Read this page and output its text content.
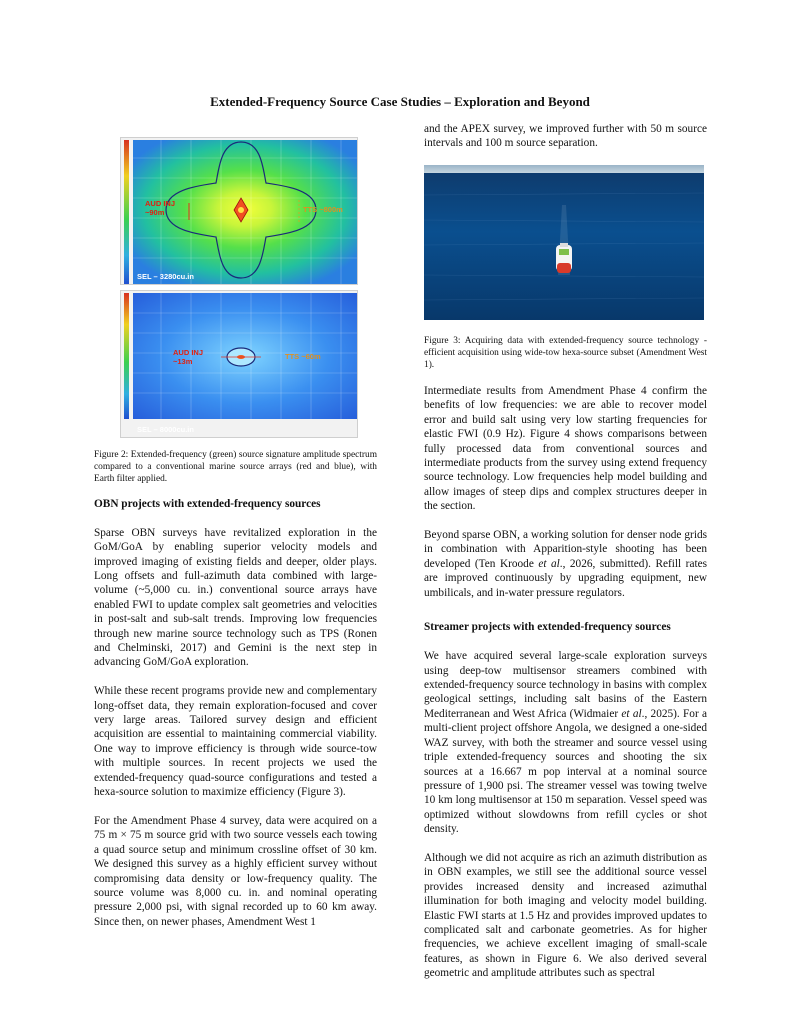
Extended-Frequency Source Case Studies – Exploration and Beyond
AUD INJ
~90m	TTS ~800m
SEL – 3280cu.in
AUD INJ
~13m	TTS ~60m
SEL – 8000cu.in
Figure 2: Extended-frequency (green) source signature amplitude spectrum compared to a conventional marine source arrays (red and blue), with Earth filter applied.
OBN projects with extended-frequency sources

Sparse OBN surveys have revitalized exploration in the GoM/GoA by enabling superior velocity models and improved imaging of existing fields and deeper, older plays. Long offsets and full-azimuth data combined with large-volume (~5,000 cu. in.) conventional source arrays have enabled FWI to update complex salt geometries and velocities in post-salt and sub-salt trends. Improving low frequencies through new marine source technology such as TPS (Ronen and Chelminski, 2017) and Gemini is the next step in advancing GoM/GoA exploration.

While these recent programs provide new and complementary long-offset data, they remain exploration-focused and cover very large areas. Tailored survey design and efficient acquisition are essential to maintaining commercial viability. One way to improve efficiency is through wide source-tow with multiple sources. In recent projects we used the extended-frequency quad-source configurations and tested a hexa-source solution to maximize efficiency (Figure 3).

For the Amendment Phase 4 survey, data were acquired on a 75 m × 75 m source grid with two source vessels each towing a quad source setup and minimum crossline offset of 30 km. We designed this survey as a highly efficient survey without compromising data density or low-frequency quality. The source volume was 8,000 cu. in. and nominal operating pressure 2,000 psi, with signal recorded up to 60 km away. Since then, on newer phases, Amendment West 1

and the APEX survey, we improved further with 50 m source intervals and 100 m source separation.

Figure 3: Acquiring data with extended-frequency source technology - efficient acquisition using wide-tow hexa-source subset (Amendment West 1).

Intermediate results from Amendment Phase 4 confirm the benefits of low frequencies: we are able to recover model error and build salt using very low starting frequencies for elastic FWI (0.9 Hz). Figure 4 shows comparisons between fully processed data from conventional sources and intermediate products from the survey using extend frequency source technology. Low frequencies help model building and allow images of steep dips and complex structures deeper in the section.

Beyond sparse OBN, a working solution for denser node grids in combination with Apparition-style shooting has been developed (Ten Kroode et al., 2026, submitted). Refill rates are improved continuously by upgrading equipment, new umbilicals, and in-water pressure regulators.

Streamer projects with extended-frequency sources

We have acquired several large-scale exploration surveys using deep-tow multisensor streamers combined with extended-frequency source technology in basins with complex geological settings, including salt basins of the Eastern Mediterranean and West Africa (Widmaier et al., 2025). For a multi-client project offshore Angola, we designed a one-sided WAZ survey, with both the streamer and source vessel using triple extended-frequency sources and shooting the six sources at a 16.667 m pop interval at a nominal source pressure of 1,900 psi. The streamer vessel was towing twelve 10 km long multisensor at 150 m separation. Vessel speed was optimized without slowdowns from refill cycles or shot density.

Although we did not acquire as rich an azimuth distribution as in OBN examples, we still see the additional source vessel provides increased density and increased azimuthal illumination for both imaging and velocity model building. Elastic FWI starts at 1.5 Hz and provides improved updates to complicated salt and carbonate geometries. As for higher frequencies, we achieve excellent imaging of small-scale features, as shown in Figure 6. We also derived several geometric and amplitude attributes such as spectral
